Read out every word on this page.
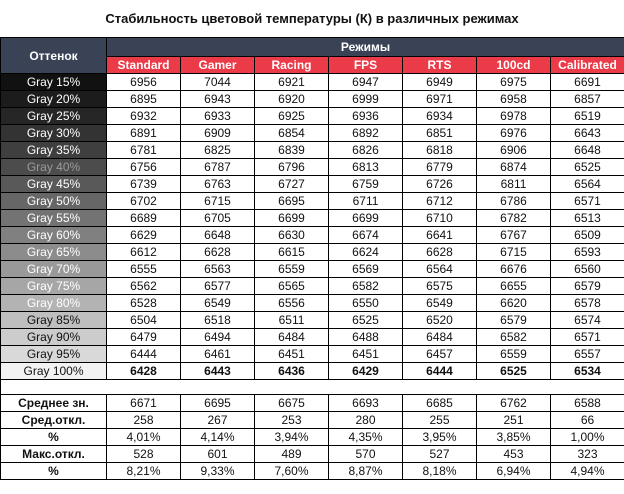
Стабильность цветовой температуры (К) в различных режимах
Оттенок	Режимы						
	Standard	Gamer	Racing	FPS	RTS	100cd	Calibrated
Gray 15%	6956	7044	6921	6947	6949	6975	6691
Gray 20%	6895	6943	6920	6999	6971	6958	6857
Gray 25%	6932	6933	6925	6936	6934	6978	6519
Gray 30%	6891	6909	6854	6892	6851	6976	6643
Gray 35%	6781	6825	6839	6826	6818	6906	6648
Gray 40%	6756	6787	6796	6813	6779	6874	6525
Gray 45%	6739	6763	6727	6759	6726	6811	6564
Gray 50%	6702	6715	6695	6711	6712	6786	6571
Gray 55%	6689	6705	6699	6699	6710	6782	6513
Gray 60%	6629	6648	6630	6674	6641	6767	6509
Gray 65%	6612	6628	6615	6624	6628	6715	6593
Gray 70%	6555	6563	6559	6569	6564	6676	6560
Gray 75%	6562	6577	6565	6582	6575	6655	6579
Gray 80%	6528	6549	6556	6550	6549	6620	6578
Gray 85%	6504	6518	6511	6525	6520	6579	6574
Gray 90%	6479	6494	6484	6488	6484	6582	6571
Gray 95%	6444	6461	6451	6451	6457	6559	6557
Gray 100%	6428	6443	6436	6429	6444	6525	6534

Среднее зн.	6671	6695	6675	6693	6685	6762	6588
Сред.откл.	258	267	253	280	255	251	66
%	4,01%	4,14%	3,94%	4,35%	3,95%	3,85%	1,00%
Макс.откл.	528	601	489	570	527	453	323
%	8,21%	9,33%	7,60%	8,87%	8,18%	6,94%	4,94%
